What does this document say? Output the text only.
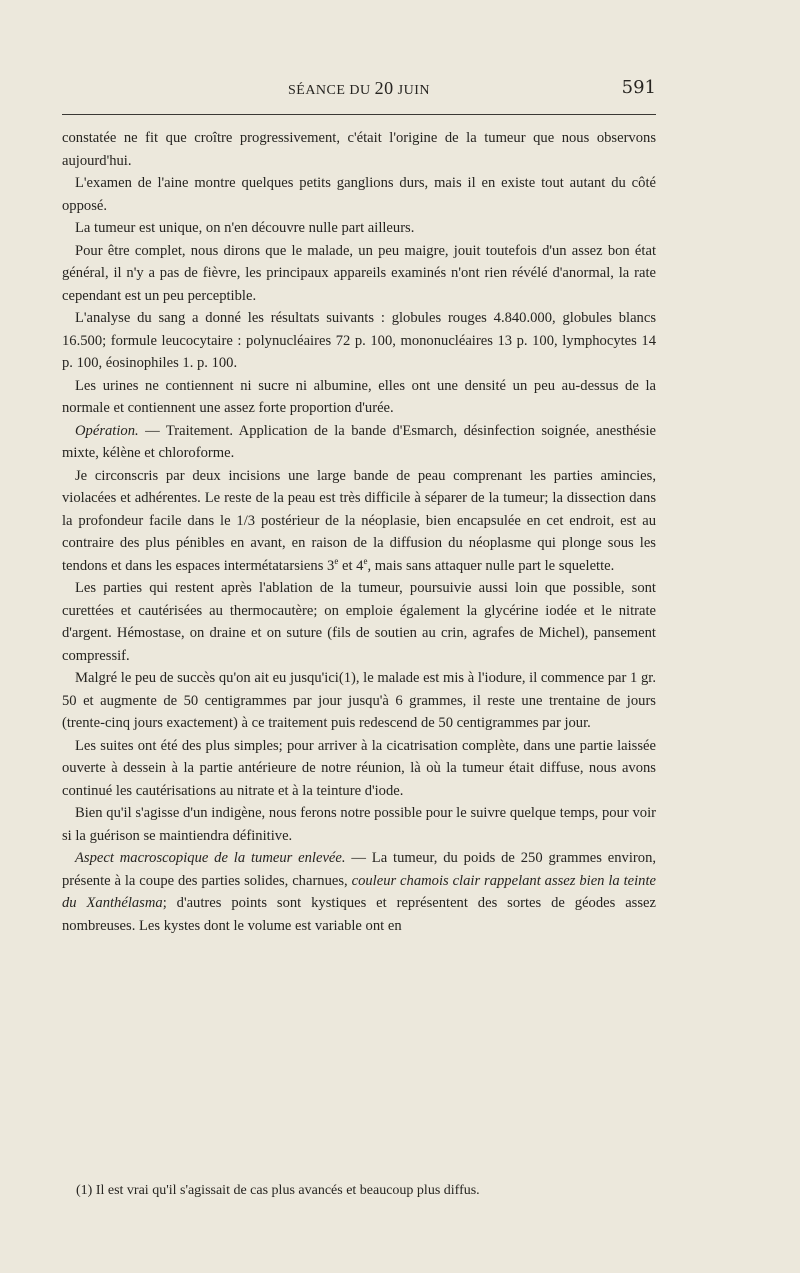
SÉANCE DU 20 JUIN	591

constatée ne fit que croître progressivement, c'était l'origine de la tumeur que nous observons aujourd'hui.

L'examen de l'aine montre quelques petits ganglions durs, mais il en existe tout autant du côté opposé.

La tumeur est unique, on n'en découvre nulle part ailleurs.

Pour être complet, nous dirons que le malade, un peu maigre, jouit toutefois d'un assez bon état général, il n'y a pas de fièvre, les principaux appareils examinés n'ont rien révélé d'anormal, la rate cependant est un peu perceptible.

L'analyse du sang a donné les résultats suivants : globules rouges 4.840.000, globules blancs 16.500; formule leucocytaire : polynucléaires 72 p. 100, mononucléaires 13 p. 100, lymphocytes 14 p. 100, éosinophiles 1. p. 100.

Les urines ne contiennent ni sucre ni albumine, elles ont une densité un peu au-dessus de la normale et contiennent une assez forte proportion d'urée.

Opération. — Traitement. Application de la bande d'Esmarch, désinfection soignée, anesthésie mixte, kélène et chloroforme.

Je circonscris par deux incisions une large bande de peau comprenant les parties amincies, violacées et adhérentes. Le reste de la peau est très difficile à séparer de la tumeur; la dissection dans la profondeur facile dans le 1/3 postérieur de la néoplasie, bien encapsulée en cet endroit, est au contraire des plus pénibles en avant, en raison de la diffusion du néoplasme qui plonge sous les tendons et dans les espaces intermétatarsiens 3e et 4e, mais sans attaquer nulle part le squelette.

Les parties qui restent après l'ablation de la tumeur, poursuivie aussi loin que possible, sont curettées et cautérisées au thermocautère; on emploie également la glycérine iodée et le nitrate d'argent. Hémostase, on draine et on suture (fils de soutien au crin, agrafes de Michel), pansement compressif.

Malgré le peu de succès qu'on ait eu jusqu'ici(1), le malade est mis à l'iodure, il commence par 1 gr. 50 et augmente de 50 centigrammes par jour jusqu'à 6 grammes, il reste une trentaine de jours (trente-cinq jours exactement) à ce traitement puis redescend de 50 centigrammes par jour.

Les suites ont été des plus simples; pour arriver à la cicatrisation complète, dans une partie laissée ouverte à dessein à la partie antérieure de notre réunion, là où la tumeur était diffuse, nous avons continué les cautérisations au nitrate et à la teinture d'iode.

Bien qu'il s'agisse d'un indigène, nous ferons notre possible pour le suivre quelque temps, pour voir si la guérison se maintiendra définitive.

Aspect macroscopique de la tumeur enlevée. — La tumeur, du poids de 250 grammes environ, présente à la coupe des parties solides, charnues, couleur chamois clair rappelant assez bien la teinte du Xanthélasma; d'autres points sont kystiques et représentent des sortes de géodes assez nombreuses. Les kystes dont le volume est variable ont en

(1) Il est vrai qu'il s'agissait de cas plus avancés et beaucoup plus diffus.
